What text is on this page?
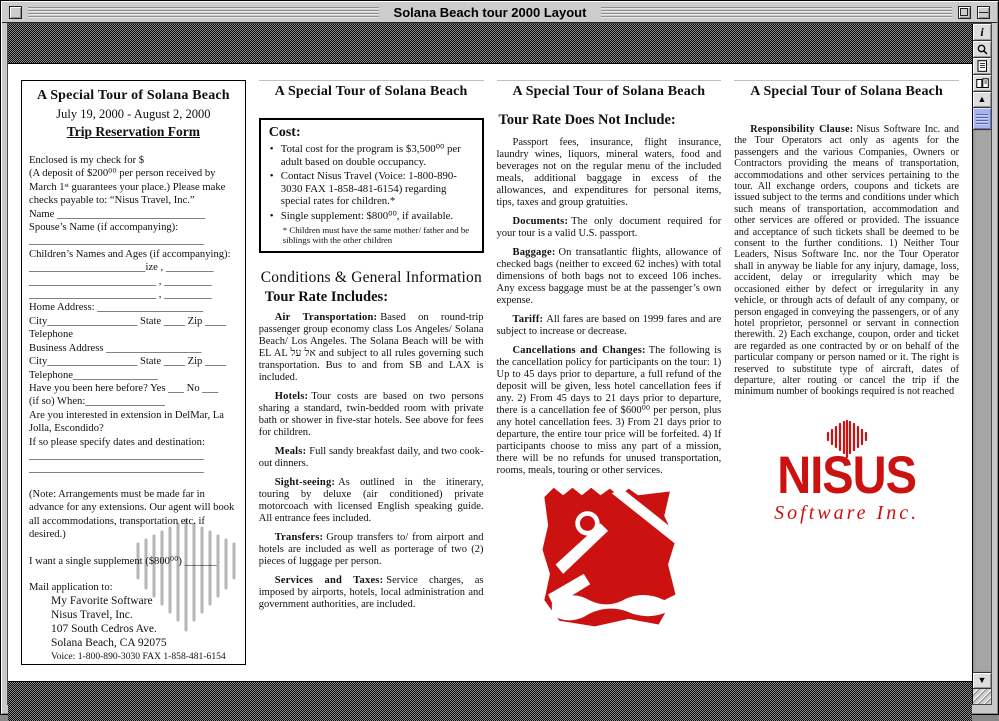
Solana Beach tour 2000 Layout
A Special Tour of Solana Beach
July 19, 2000 - August 2, 2000
Trip Reservation Form
Enclosed is my check for $
(A deposit of $200⁰⁰ per person received by March 1ˢᵗ guarantees your place.) Please make checks payable to: “Nisus Travel, Inc.”
Name ____________________________
Spouse’s Name (if accompanying):
_________________________________
Children’s Names and Ages (if accompanying):
______________________ize , _________
________________________ , _________
________________________ , _________
Home Address: ____________________
City_________________ State ____ Zip ____
Telephone
Business Address __________________
City_________________ State ____ Zip ____
Telephone________________
Have you been here before? Yes ___ No ___
(if so) When:_______________
Are you interested in extension in DelMar, La
Jolla, Escondido?
If so please specify dates and destination:
_________________________________
_________________________________
(Note: Arrangements must be made far in advance for any extensions. Our agent will book all accommodations, transportation etc. if desired.)
I want a single supplement ($800⁰⁰) ______
Mail application to:
My Favorite Software
Nisus Travel, Inc.
107 South Cedros Ave.
Solana Beach, CA 92075
Voice: 1-800-890-3030 FAX 1-858-481-6154
A Special Tour of Solana Beach
Cost:
• Total cost for the program is $3,500⁰⁰ per adult based on double occupancy.
• Contact Nisus Travel (Voice: 1-800-890-3030 FAX 1-858-481-6154) regarding special rates for children.*
• Single supplement: $800⁰⁰, if available.
* Children must have the same mother/ father and be siblings with the other children
Conditions & General Information
Tour Rate Includes:

Air Transportation: Based on round-trip passenger group economy class Los Angeles/ Solana Beach/ Los Angeles. The Solana Beach will be with EL AL אל על and subject to all rules governing such transportation. Bus to and from SB and LAX is included.

Hotels: Tour costs are based on two persons sharing a standard, twin-bedded room with private bath or shower in five-star hotels. See above for fees for children.

Meals: Full sandy breakfast daily, and two cook-out dinners.

Sight-seeing: As outlined in the itinerary, touring by deluxe (air conditioned) private motorcoach with licensed English speaking guide. All entrance fees included.

Transfers: Group transfers to/ from airport and hotels are included as well as porterage of two (2) pieces of luggage per person.

Services and Taxes: Service charges, as imposed by airports, hotels, local administration and government authorities, are included.

A Special Tour of Solana Beach
Tour Rate Does Not Include:

Passport fees, insurance, flight insurance, laundry wines, liquors, mineral waters, food and beverages not on the regular menu of the included meals, additional baggage in excess of the allowances, and expenditures for personal items, tips, taxes and group gratuities.

Documents: The only document required for your tour is a valid U.S. passport.

Baggage: On transatlantic flights, allowance of checked bags (neither to exceed 62 inches) with total dimensions of both bags not to exceed 106 inches. Any excess baggage must be at the passenger’s own expense.

Tariff: All fares are based on 1999 fares and are subject to increase or decrease.

Cancellations and Changes: The following is the cancellation policy for participants on the tour: 1) Up to 45 days prior to departure, a full refund of the deposit will be given, less hotel cancellation fees if any. 2) From 45 days to 21 days prior to departure, there is a cancellation fee of $600⁰⁰ per person, plus any hotel cancellation fees. 3) From 21 days prior to departure, the entire tour price will be forfeited. 4) If participants choose to miss any part of a mission, there will be no refunds for unused transportation, rooms, meals, touring or other services.

A Special Tour of Solana Beach

Responsibility Clause: Nisus Software Inc. and the Tour Operators act only as agents for the passengers and the various Companies, Owners or Contractors providing the means of transportation, accommodations and other services pertaining to the tour. All exchange orders, coupons and tickets are issued subject to the terms and conditions under which such means of transportation, accommodation and other services are offered or provided. The issuance and acceptance of such tickets shall be deemed to be consent to the further conditions. 1) Neither Tour Leaders, Nisus Software Inc. nor the Tour Operator shall in anyway be liable for any injury, damage, loss, accident, delay or irregularity which may be occasioned either by defect or irregularity in any vehicle, or through acts of default of any company, or person engaged in conveying the passengers, or of any hotel proprietor, personnel or servant in connection therewith. 2) Each exchange, coupon, order and ticket are regarded as one contracted by or on behalf of the particular company or person named or it. The right is reserved to substitute type of aircraft, dates of departure, alter routing or cancel the trip if the minimum number of bookings required is not reached

NISUS
Software Inc.
i
▲
▼
